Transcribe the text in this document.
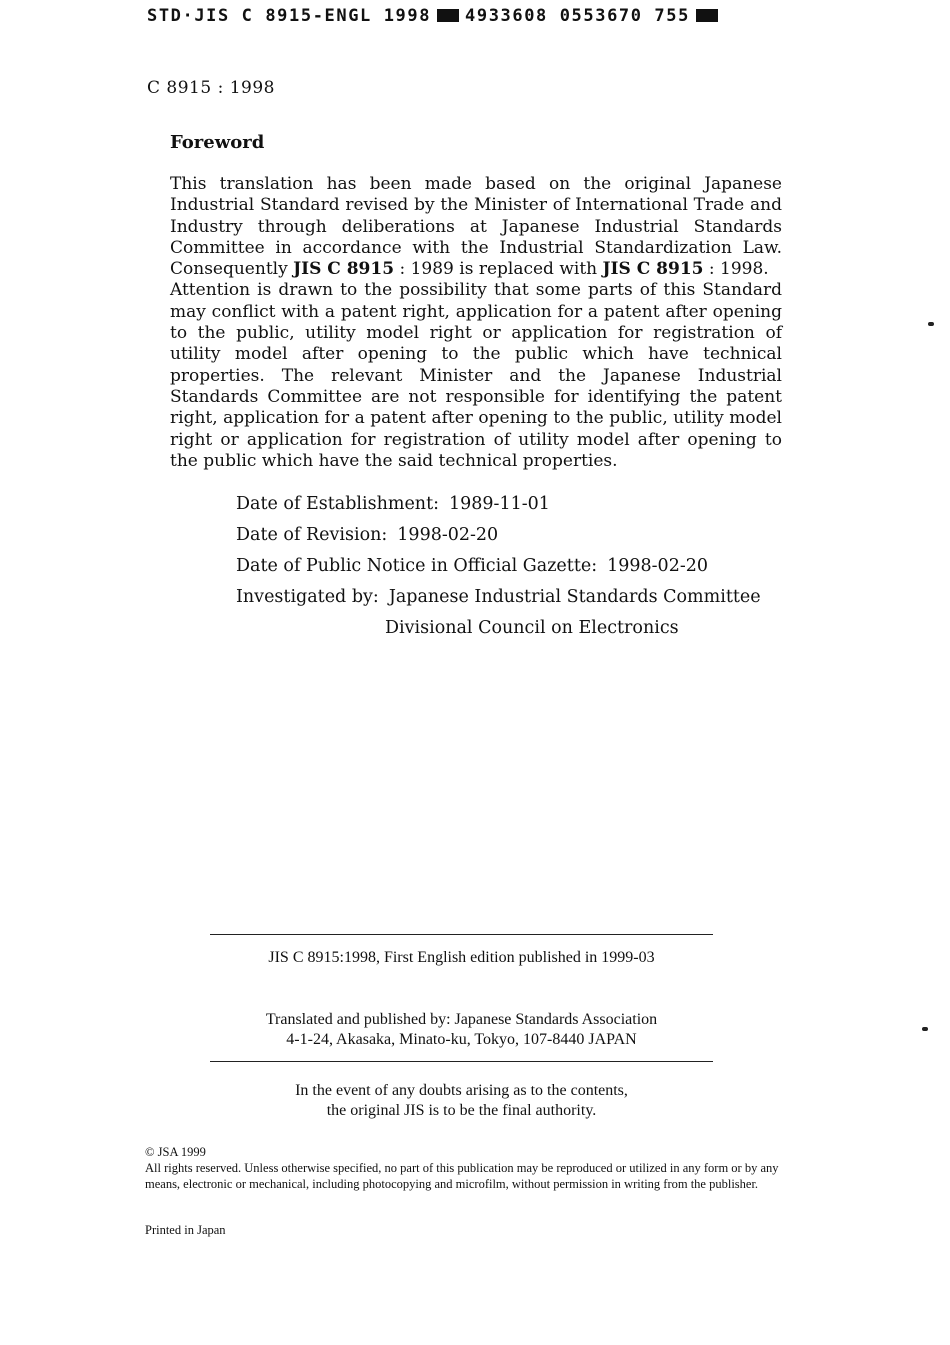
STD·JIS C 8915-ENGL 1998 4933608 0553670 755
C 8915 : 1998
Foreword

This translation has been made based on the original Japanese Industrial Standard revised by the Minister of International Trade and Industry through deliberations at Japanese Industrial Standards Committee in accordance with the Industrial Standardization Law. Consequently JIS C 8915 : 1989 is replaced with JIS C 8915 : 1998.

Attention is drawn to the possibility that some parts of this Standard may conflict with a patent right, application for a patent after opening to the public, utility model right or application for registration of utility model after opening to the public which have technical properties. The relevant Minister and the Japanese Industrial Standards Committee are not responsible for identifying the patent right, application for a patent after opening to the public, utility model right or application for registration of utility model after opening to the public which have the said technical properties.

Date of Establishment: 1989-11-01
Date of Revision: 1998-02-20
Date of Public Notice in Official Gazette: 1998-02-20
Investigated by: Japanese Industrial Standards Committee
Divisional Council on Electronics
JIS C 8915:1998, First English edition published in 1999-03
Translated and published by: Japanese Standards Association
4-1-24, Akasaka, Minato-ku, Tokyo, 107-8440 JAPAN
In the event of any doubts arising as to the contents,
the original JIS is to be the final authority.
© JSA 1999
All rights reserved. Unless otherwise specified, no part of this publication may be reproduced or utilized in any form or by any means, electronic or mechanical, including photocopying and microfilm, without permission in writing from the publisher.
Printed in Japan
